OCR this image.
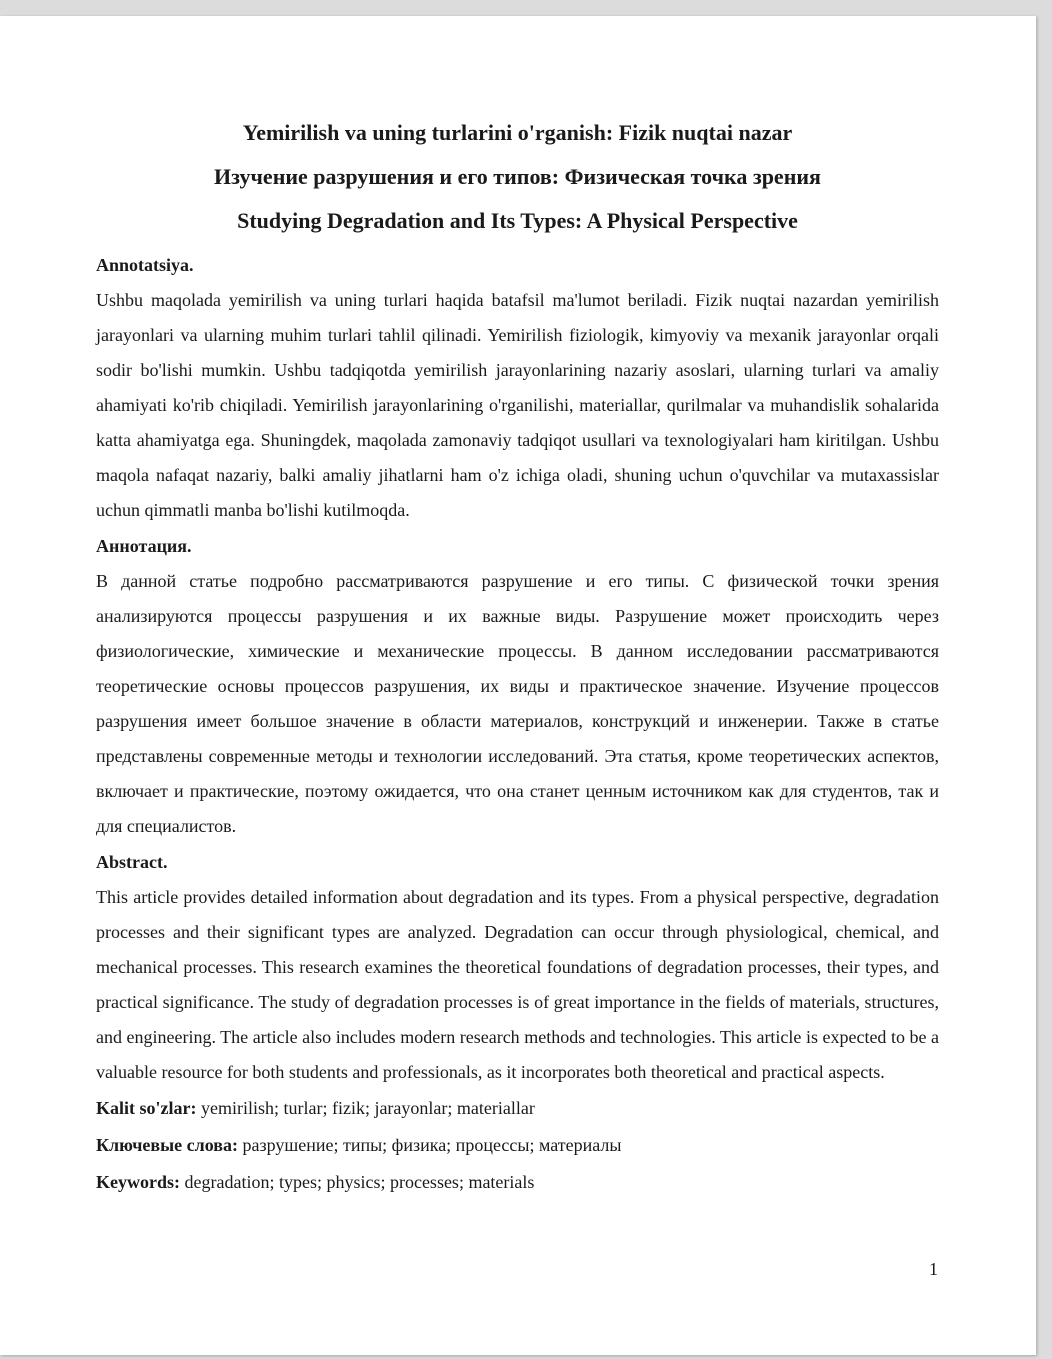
Yemirilish va uning turlarini o'rganish: Fizik nuqtai nazar
Изучение разрушения и его типов: Физическая точка зрения
Studying Degradation and Its Types: A Physical Perspective

Annotatsiya.

Ushbu maqolada yemirilish va uning turlari haqida batafsil ma'lumot beriladi. Fizik nuqtai nazardan yemirilish jarayonlari va ularning muhim turlari tahlil qilinadi. Yemirilish fiziologik, kimyoviy va mexanik jarayonlar orqali sodir bo'lishi mumkin. Ushbu tadqiqotda yemirilish jarayonlarining nazariy asoslari, ularning turlari va amaliy ahamiyati ko'rib chiqiladi. Yemirilish jarayonlarining o'rganilishi, materiallar, qurilmalar va muhandislik sohalarida katta ahamiyatga ega. Shuningdek, maqolada zamonaviy tadqiqot usullari va texnologiyalari ham kiritilgan. Ushbu maqola nafaqat nazariy, balki amaliy jihatlarni ham o'z ichiga oladi, shuning uchun o'quvchilar va mutaxassislar uchun qimmatli manba bo'lishi kutilmoqda.

Аннотация.

В данной статье подробно рассматриваются разрушение и его типы. С физической точки зрения анализируются процессы разрушения и их важные виды. Разрушение может происходить через физиологические, химические и механические процессы. В данном исследовании рассматриваются теоретические основы процессов разрушения, их виды и практическое значение. Изучение процессов разрушения имеет большое значение в области материалов, конструкций и инженерии. Также в статье представлены современные методы и технологии исследований. Эта статья, кроме теоретических аспектов, включает и практические, поэтому ожидается, что она станет ценным источником как для студентов, так и для специалистов.

Abstract.

This article provides detailed information about degradation and its types. From a physical perspective, degradation processes and their significant types are analyzed. Degradation can occur through physiological, chemical, and mechanical processes. This research examines the theoretical foundations of degradation processes, their types, and practical significance. The study of degradation processes is of great importance in the fields of materials, structures, and engineering. The article also includes modern research methods and technologies. This article is expected to be a valuable resource for both students and professionals, as it incorporates both theoretical and practical aspects.

Kalit so'zlar: yemirilish; turlar; fizik; jarayonlar; materiallar

Ключевые слова: разрушение; типы; физика; процессы; материалы

Keywords: degradation; types; physics; processes; materials

1
